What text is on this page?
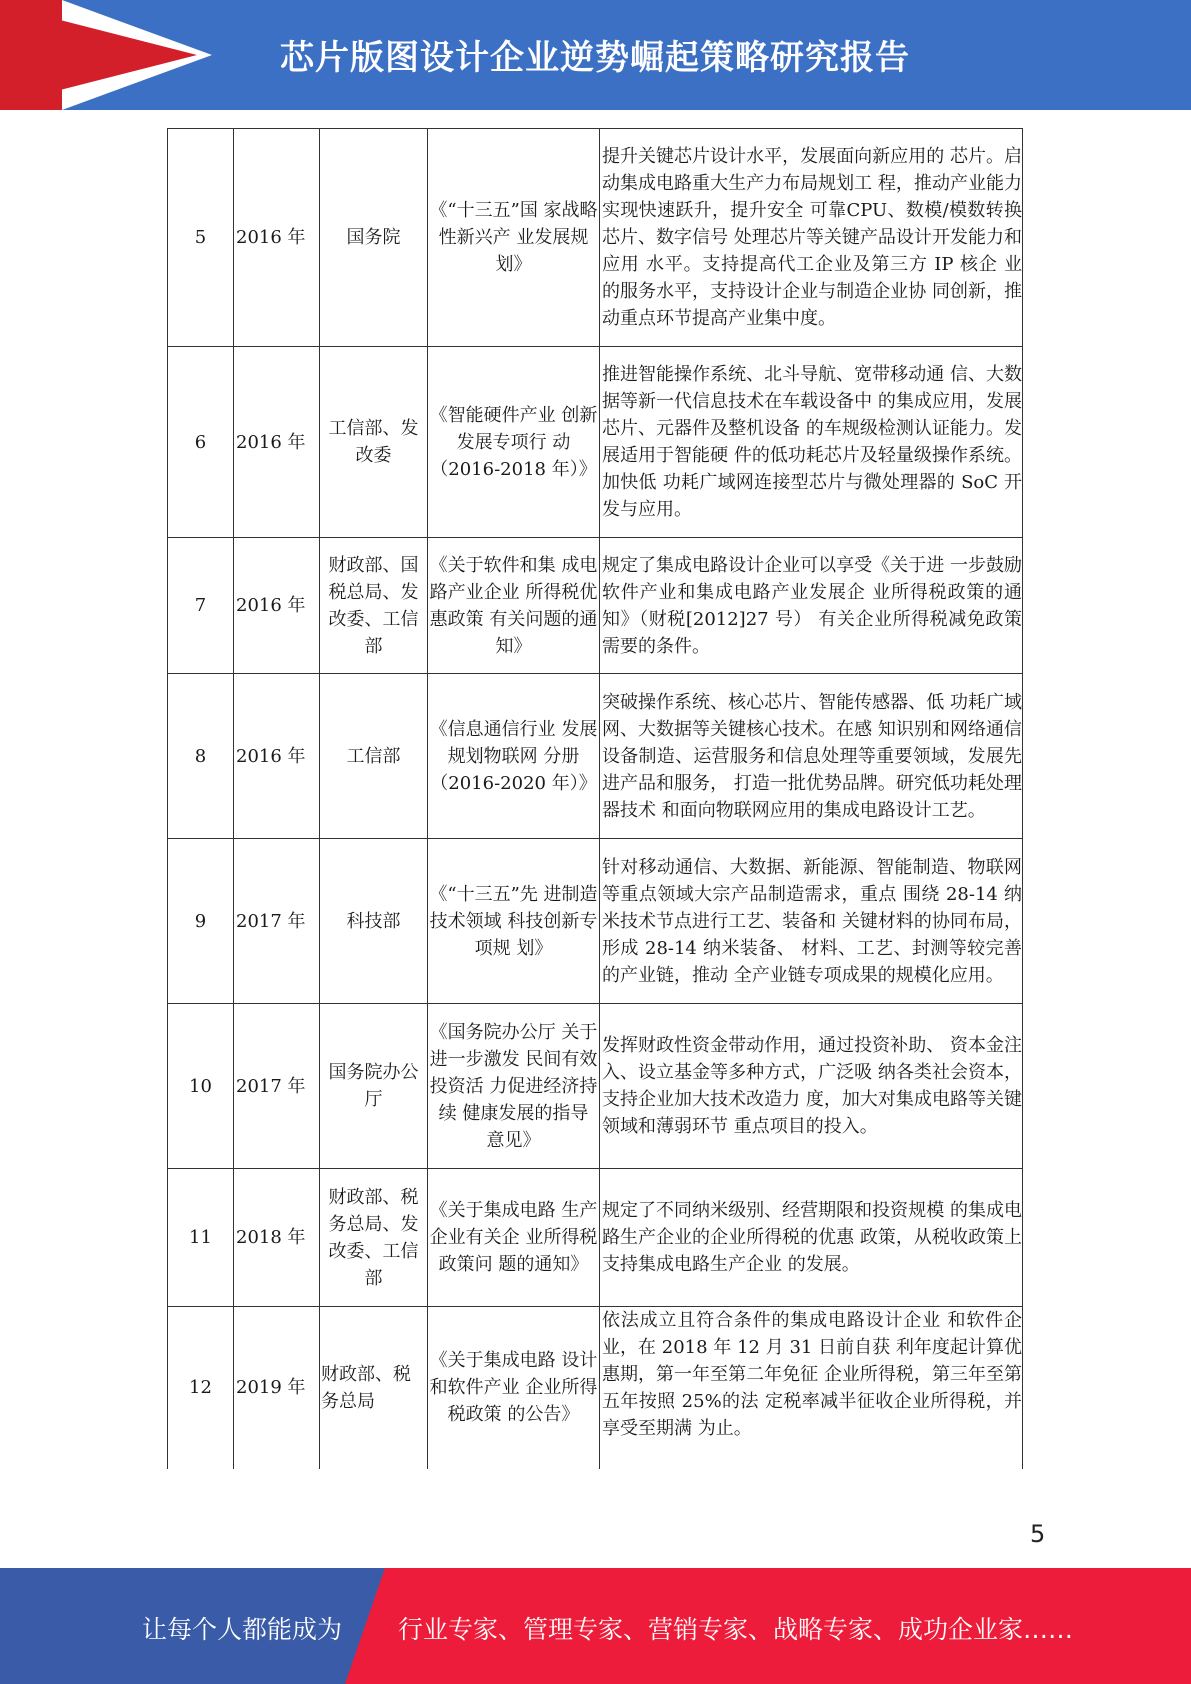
芯片版图设计企业逆势崛起策略研究报告
5	2016 年	国务院	《“十三五”国 家战略性新兴产 业发展规划》	提升关键芯片设计水平，发展面向新应用的 芯片。启动集成电路重大生产力布局规划工 程，推动产业能力实现快速跃升，提升安全 可靠CPU、数模/模数转换芯片、数字信号 处理芯片等关键产品设计开发能力和应用 水平。支持提高代工企业及第三方 IP 核企 业的服务水平，支持设计企业与制造企业协 同创新，推动重点环节提高产业集中度。
6	2016 年	工信部、发改委	《智能硬件产业 创新发展专项行 动（2016-2018 年）》	推进智能操作系统、北斗导航、宽带移动通 信、大数据等新一代信息技术在车载设备中 的集成应用，发展芯片、元器件及整机设备 的车规级检测认证能力。发展适用于智能硬 件的低功耗芯片及轻量级操作系统。加快低 功耗广域网连接型芯片与微处理器的 SoC 开发与应用。
7	2016 年	财政部、国税总局、发改委、工信部	《关于软件和集 成电路产业企业 所得税优惠政策 有关问题的通 知》	规定了集成电路设计企业可以享受《关于进 一步鼓励软件产业和集成电路产业发展企 业所得税政策的通知》（财税[2012]27 号） 有关企业所得税减免政策需要的条件。
8	2016 年	工信部	《信息通信行业 发展规划物联网 分册（2016-2020 年）》	突破操作系统、核心芯片、智能传感器、低 功耗广域网、大数据等关键核心技术。在感 知识别和网络通信设备制造、运营服务和信息处理等重要领域，发展先进产品和服务， 打造一批优势品牌。研究低功耗处理器技术 和面向物联网应用的集成电路设计工艺。
9	2017 年	科技部	《“十三五”先 进制造技术领域 科技创新专项规 划》	针对移动通信、大数据、新能源、智能制造、物联网等重点领域大宗产品制造需求，重点 围绕 28-14 纳米技术节点进行工艺、装备和 关键材料的协同布局，形成 28-14 纳米装备、 材料、工艺、封测等较完善的产业链，推动 全产业链专项成果的规模化应用。
10	2017 年	国务院办公厅	《国务院办公厅 关于进一步激发 民间有效投资活 力促进经济持续 健康发展的指导 意见》	发挥财政性资金带动作用，通过投资补助、 资本金注入、设立基金等多种方式，广泛吸 纳各类社会资本，支持企业加大技术改造力 度，加大对集成电路等关键领域和薄弱环节 重点项目的投入。
11	2018 年	财政部、税务总局、发改委、工信部	《关于集成电路 生产企业有关企 业所得税政策问 题的通知》	规定了不同纳米级别、经营期限和投资规模 的集成电路生产企业的企业所得税的优惠 政策，从税收政策上支持集成电路生产企业 的发展。
12	2019 年	财政部、税务总局	《关于集成电路 设计和软件产业 企业所得税政策 的公告》	依法成立且符合条件的集成电路设计企业 和软件企业，在 2018 年 12 月 31 日前自获 利年度起计算优惠期，第一年至第二年免征 企业所得税，第三年至第五年按照 25%的法 定税率减半征收企业所得税，并享受至期满 为止。
5
让每个人都能成为 行业专家、管理专家、营销专家、战略专家、成功企业家……
